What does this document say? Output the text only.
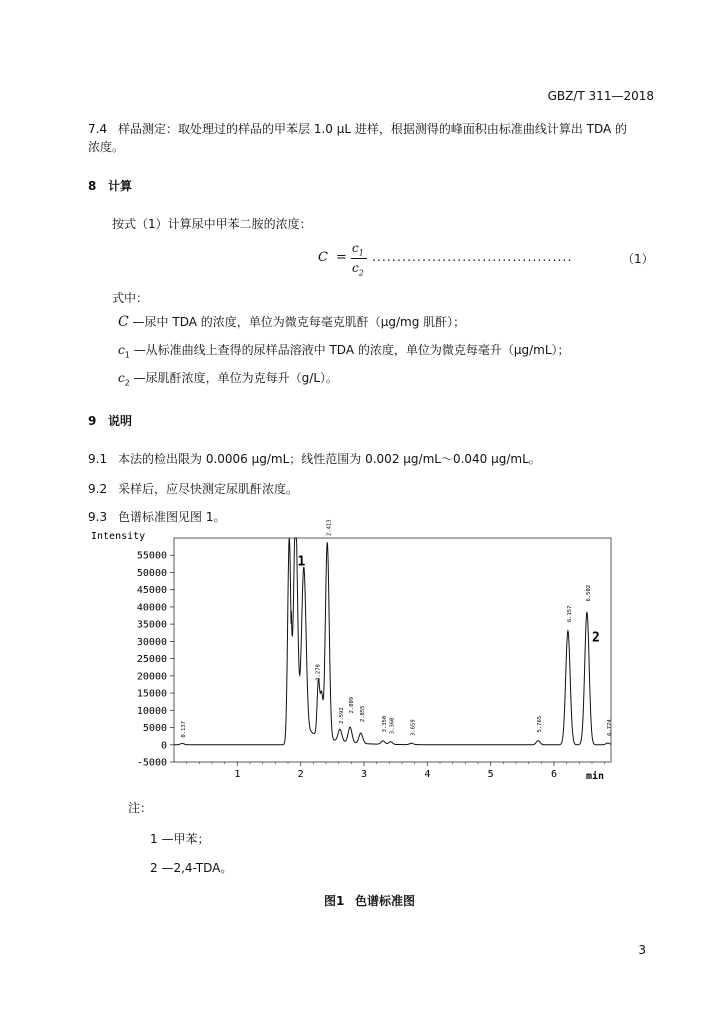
GBZ/T 311—2018
7.4 样品测定：取处理过的样品的甲苯层 1.0 μL 进样，根据测得的峰面积由标准曲线计算出 TDA 的
浓度。
8 计算
按式（1）计算尿中甲苯二胺的浓度：
C =
$c_1$
$c_2$
........................................	（1）
式中：
C —尿中 TDA 的浓度，单位为微克每毫克肌酐（μg/mg 肌酐）；
$c_1$ —从标准曲线上查得的尿样品溶液中 TDA 的浓度，单位为微克每毫升（μg/mL）；
$c_2$ —尿肌酐浓度，单位为克每升（g/L）。
9 说明
9.1 本法的检出限为 0.0006 μg/mL；线性范围为 0.002 μg/mL～0.040 μg/mL。
9.2 采样后，应尽快测定尿肌酐浓度。
9.3 色谱标准图见图 1。
Intensity
min
55000
50000
45000
40000
35000
30000
25000
20000
15000
10000
5000
0
-5000
1	2	3	4	5	6
0.137
2.278
2.413
2.592
2.809
2.855
3.350 3.360	3.659	5.765
6.157
6.502
6.774
1
2
注：
1 —甲苯；
2 —2,4-TDA。
图1 色谱标准图
3
